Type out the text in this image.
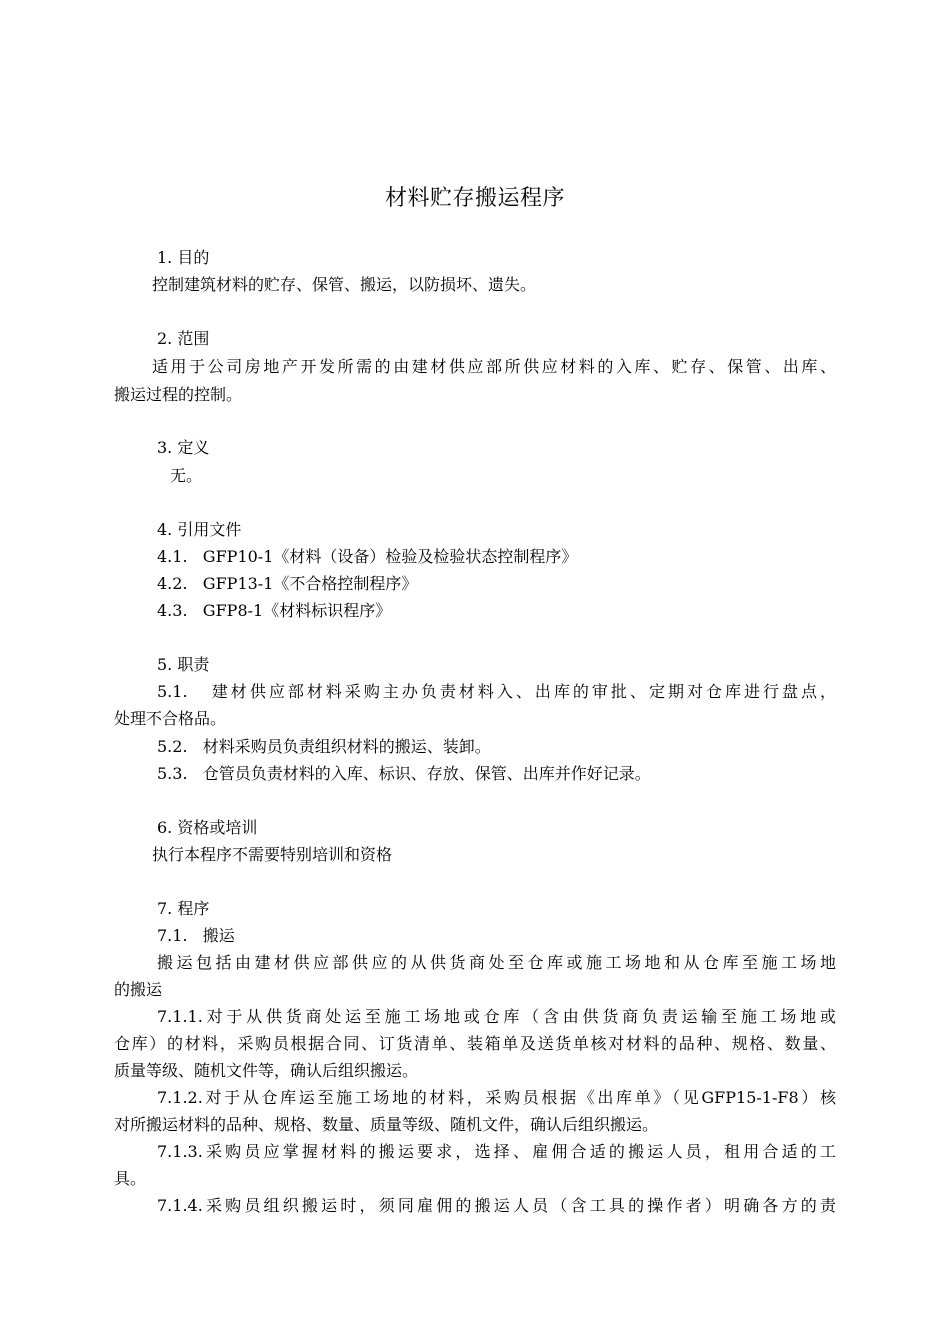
材料贮存搬运程序
1. 目的
控制建筑材料的贮存、保管、搬运，以防损坏、遗失。
2. 范围
适用于公司房地产开发所需的由建材供应部所供应材料的入库、贮存、保管、出库、
搬运过程的控制。
3. 定义
无。
4. 引用文件
4.1.   GFP10-1《材料（设备）检验及检验状态控制程序》
4.2.   GFP13-1《不合格控制程序》
4.3.   GFP8-1《材料标识程序》
5. 职责
5.1.   建材供应部材料采购主办负责材料入、出库的审批、定期对仓库进行盘点，
处理不合格品。
5.2.   材料采购员负责组织材料的搬运、装卸。
5.3.   仓管员负责材料的入库、标识、存放、保管、出库并作好记录。
6. 资格或培训
执行本程序不需要特别培训和资格
7. 程序
7.1.   搬运
搬运包括由建材供应部供应的从供货商处至仓库或施工场地和从仓库至施工场地
的搬运
7.1.1.对于从供货商处运至施工场地或仓库（含由供货商负责运输至施工场地或
仓库）的材料，采购员根据合同、订货清单、装箱单及送货单核对材料的品种、规格、数量、
质量等级、随机文件等，确认后组织搬运。
7.1.2.对于从仓库运至施工场地的材料，采购员根据《出库单》（见GFP15-1-F8）核
对所搬运材料的品种、规格、数量、质量等级、随机文件，确认后组织搬运。
7.1.3.采购员应掌握材料的搬运要求，选择、雇佣合适的搬运人员，租用合适的工
具。
7.1.4.采购员组织搬运时，须同雇佣的搬运人员（含工具的操作者）明确各方的责
